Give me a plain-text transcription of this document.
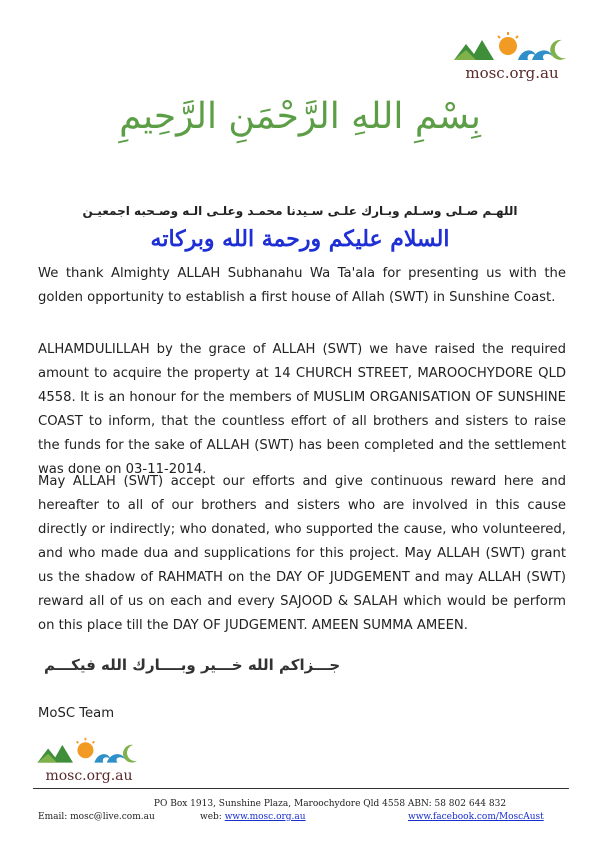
mosc.org.au
بِسْمِ اللهِ الرَّحْمَنِ الرَّحِيمِ
اللهـم صـلى وسـلم وبـارك علـى سـيدنا محمـد وعلـى الـه وصـحبه اجمعيـن
السلام عليكم ورحمة الله وبركاته

We thank Almighty ALLAH Subhanahu Wa Ta'ala for presenting us with the golden opportunity to establish a first house of Allah (SWT) in Sunshine Coast.

ALHAMDULILLAH by the grace of ALLAH (SWT) we have raised the required amount to acquire the property at 14 CHURCH STREET, MAROOCHYDORE QLD 4558. It is an honour for the members of MUSLIM ORGANISATION OF SUNSHINE COAST to inform, that the countless effort of all brothers and sisters to raise the funds for the sake of ALLAH (SWT) has been completed and the settlement was done on 03-11-2014.

May ALLAH (SWT) accept our efforts and give continuous reward here and hereafter to all of our brothers and sisters who are involved in this cause directly or indirectly; who donated, who supported the cause, who volunteered, and who made dua and supplications for this project. May ALLAH (SWT) grant us the shadow of RAHMATH on the DAY OF JUDGEMENT and may ALLAH (SWT) reward all of us on each and every SAJOOD & SALAH which would be perform on this place till the DAY OF JUDGEMENT. AMEEN SUMMA AMEEN.

جـــزاكم الله خـــير وبــــارك الله فيكـــم
MoSC Team
mosc.org.au
PO Box 1913, Sunshine Plaza, Maroochydore Qld 4558 ABN: 58 802 644 832
Email: mosc@live.com.au	web: www.mosc.org.au	www.facebook.com/MoscAust
